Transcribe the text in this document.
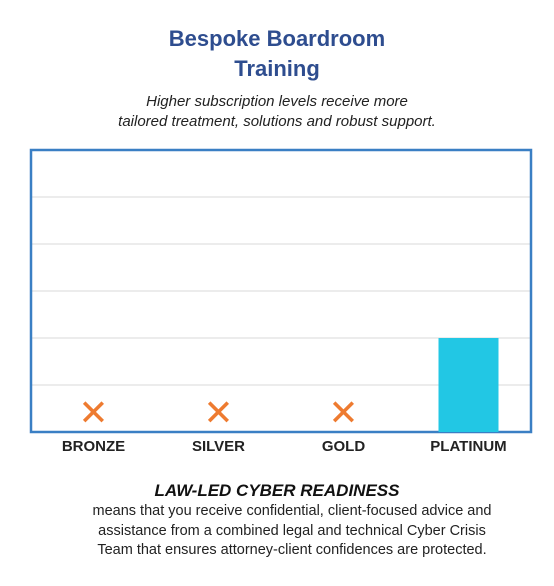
Bespoke Boardroom
Training

Higher subscription levels receive more

tailored treatment, solutions and robust support.

✕
BRONZE
✕
SILVER
✕
GOLD	PLATINUM

LAW-LED CYBER READINESS

means that you receive confidential, client-focused advice and assistance from a combined legal and technical Cyber Crisis Team that ensures attorney-client confidences are protected.
